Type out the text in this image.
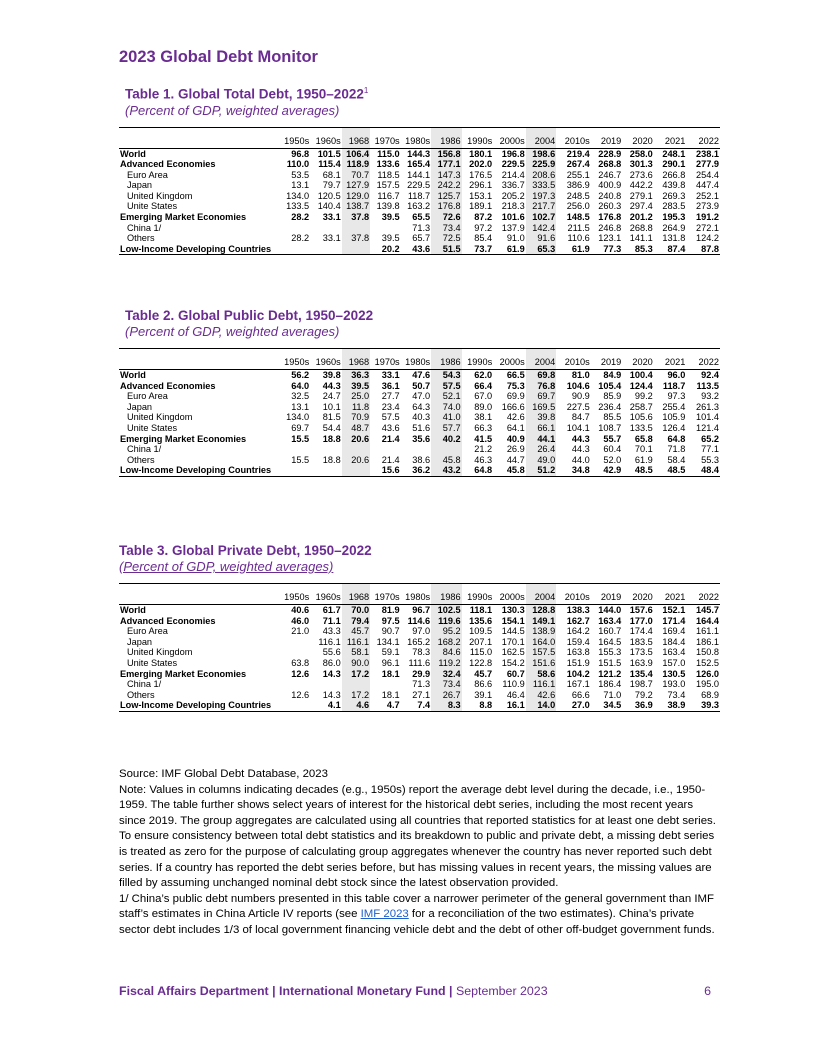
2023 Global Debt Monitor
Table 1. Global Total Debt, 1950–2022$^1$
(Percent of GDP, weighted averages)
	1950s	1960s	1968	1970s	1980s	1986	1990s	2000s	2004	2010s	2019	2020	2021	2022
World	96.8	101.5	106.4	115.0	144.3	156.8	180.1	196.8	198.6	219.4	228.9	258.0	248.1	238.1
Advanced Economies	110.0	115.4	118.9	133.6	165.4	177.1	202.0	229.5	225.9	267.4	268.8	301.3	290.1	277.9
Euro Area	53.5	68.1	70.7	118.5	144.1	147.3	176.5	214.4	208.6	255.1	246.7	273.6	266.8	254.4
Japan	13.1	79.7	127.9	157.5	229.5	242.2	296.1	336.7	333.5	386.9	400.9	442.2	439.8	447.4
United Kingdom	134.0	120.5	129.0	116.7	118.7	125.7	153.1	205.2	197.3	248.5	240.8	279.1	269.3	252.1
Unite States	133.5	140.4	138.7	139.8	163.2	176.8	189.1	218.3	217.7	256.0	260.3	297.4	283.5	273.9
Emerging Market Economies	28.2	33.1	37.8	39.5	65.5	72.6	87.2	101.6	102.7	148.5	176.8	201.2	195.3	191.2
China 1/					71.3	73.4	97.2	137.9	142.4	211.5	246.8	268.8	264.9	272.1
Others	28.2	33.1	37.8	39.5	65.7	72.5	85.4	91.0	91.6	110.6	123.1	141.1	131.8	124.2
Low-Income Developing Countries				20.2	43.6	51.5	73.7	61.9	65.3	61.9	77.3	85.3	87.4	87.8
Table 2. Global Public Debt, 1950–2022
(Percent of GDP, weighted averages)
	1950s	1960s	1968	1970s	1980s	1986	1990s	2000s	2004	2010s	2019	2020	2021	2022
World	56.2	39.8	36.3	33.1	47.6	54.3	62.0	66.5	69.8	81.0	84.9	100.4	96.0	92.4
Advanced Economies	64.0	44.3	39.5	36.1	50.7	57.5	66.4	75.3	76.8	104.6	105.4	124.4	118.7	113.5
Euro Area	32.5	24.7	25.0	27.7	47.0	52.1	67.0	69.9	69.7	90.9	85.9	99.2	97.3	93.2
Japan	13.1	10.1	11.8	23.4	64.3	74.0	89.0	166.6	169.5	227.5	236.4	258.7	255.4	261.3
United Kingdom	134.0	81.5	70.9	57.5	40.3	41.0	38.1	42.6	39.8	84.7	85.5	105.6	105.9	101.4
Unite States	69.7	54.4	48.7	43.6	51.6	57.7	66.3	64.1	66.1	104.1	108.7	133.5	126.4	121.4
Emerging Market Economies	15.5	18.8	20.6	21.4	35.6	40.2	41.5	40.9	44.1	44.3	55.7	65.8	64.8	65.2
China 1/							21.2	26.9	26.4	44.3	60.4	70.1	71.8	77.1
Others	15.5	18.8	20.6	21.4	38.6	45.8	46.3	44.7	49.0	44.0	52.0	61.9	58.4	55.3
Low-Income Developing Countries				15.6	36.2	43.2	64.8	45.8	51.2	34.8	42.9	48.5	48.5	48.4
Table 3. Global Private Debt, 1950–2022
(Percent of GDP, weighted averages)
	1950s	1960s	1968	1970s	1980s	1986	1990s	2000s	2004	2010s	2019	2020	2021	2022
World	40.6	61.7	70.0	81.9	96.7	102.5	118.1	130.3	128.8	138.3	144.0	157.6	152.1	145.7
Advanced Economies	46.0	71.1	79.4	97.5	114.6	119.6	135.6	154.1	149.1	162.7	163.4	177.0	171.4	164.4
Euro Area	21.0	43.3	45.7	90.7	97.0	95.2	109.5	144.5	138.9	164.2	160.7	174.4	169.4	161.1
Japan		116.1	116.1	134.1	165.2	168.2	207.1	170.1	164.0	159.4	164.5	183.5	184.4	186.1
United Kingdom		55.6	58.1	59.1	78.3	84.6	115.0	162.5	157.5	163.8	155.3	173.5	163.4	150.8
Unite States	63.8	86.0	90.0	96.1	111.6	119.2	122.8	154.2	151.6	151.9	151.5	163.9	157.0	152.5
Emerging Market Economies	12.6	14.3	17.2	18.1	29.9	32.4	45.7	60.7	58.6	104.2	121.2	135.4	130.5	126.0
China 1/					71.3	73.4	86.6	110.9	116.1	167.1	186.4	198.7	193.0	195.0
Others	12.6	14.3	17.2	18.1	27.1	26.7	39.1	46.4	42.6	66.6	71.0	79.2	73.4	68.9
Low-Income Developing Countries		4.1	4.6	4.7	7.4	8.3	8.8	16.1	14.0	27.0	34.5	36.9	38.9	39.3

Source: IMF Global Debt Database, 2023

Note: Values in columns indicating decades (e.g., 1950s) report the average debt level during the decade, i.e., 1950-1959. The table further shows select years of interest for the historical debt series, including the most recent years since 2019. The group aggregates are calculated using all countries that reported statistics for at least one debt series. To ensure consistency between total debt statistics and its breakdown to public and private debt, a missing debt series is treated as zero for the purpose of calculating group aggregates whenever the country has never reported such debt series. If a country has reported the debt series before, but has missing values in recent years, the missing values are filled by assuming unchanged nominal debt stock since the latest observation provided.

1/ China’s public debt numbers presented in this table cover a narrower perimeter of the general government than IMF staff’s estimates in China Article IV reports (see IMF 2023 for a reconciliation of the two estimates). China’s private sector debt includes 1/3 of local government financing vehicle debt and the debt of other off-budget government funds.

Fiscal Affairs Department | International Monetary Fund | September 2023	6
